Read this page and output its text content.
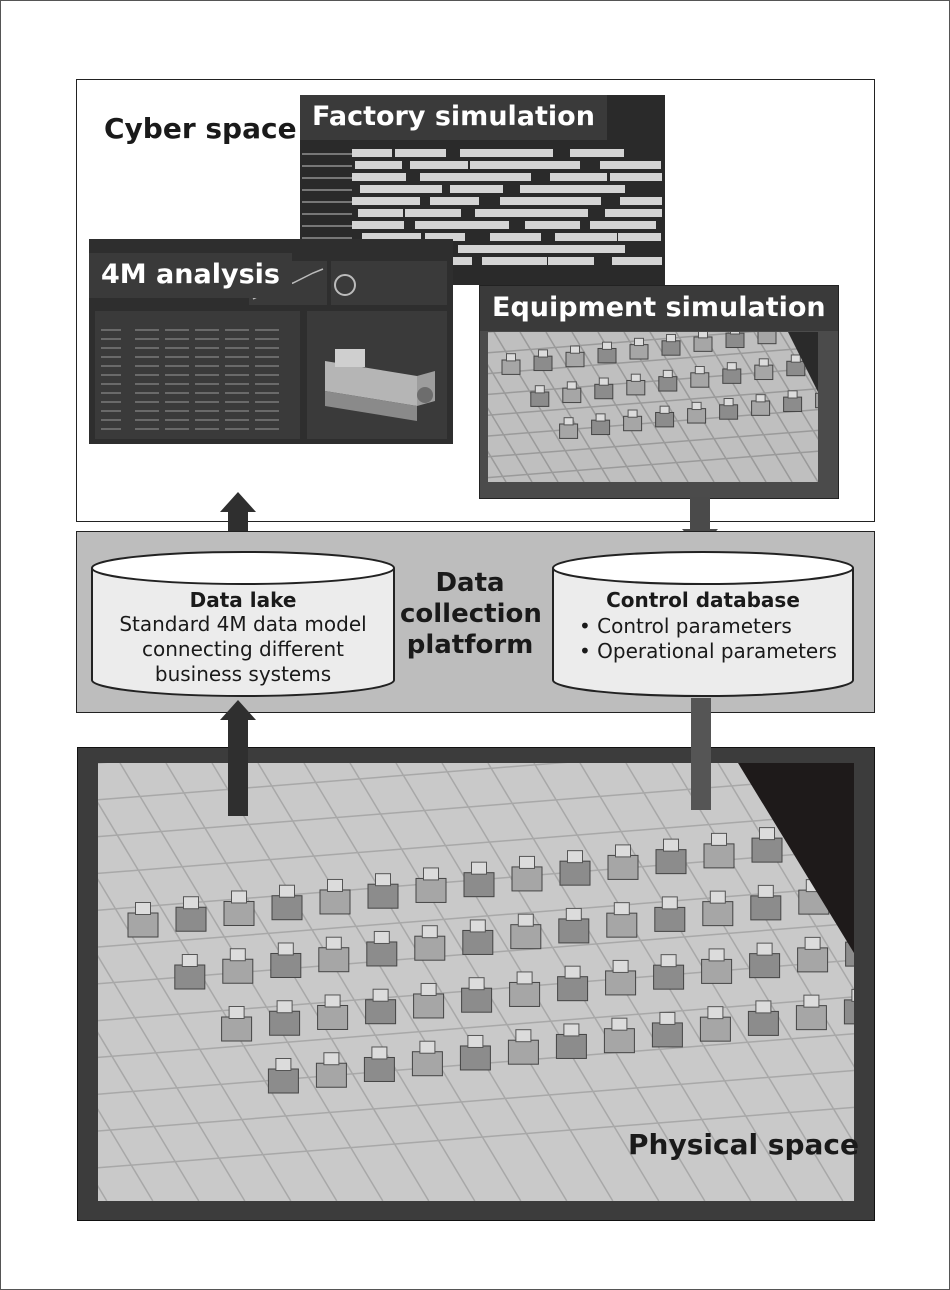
Cyber space Factory simulation
4M analysis
Equipment simulation
Data
collection
platform
Data lake
Standard 4M data model
connecting different
business systems
Control database
• Control parameters
• Operational parameters
Physical space
